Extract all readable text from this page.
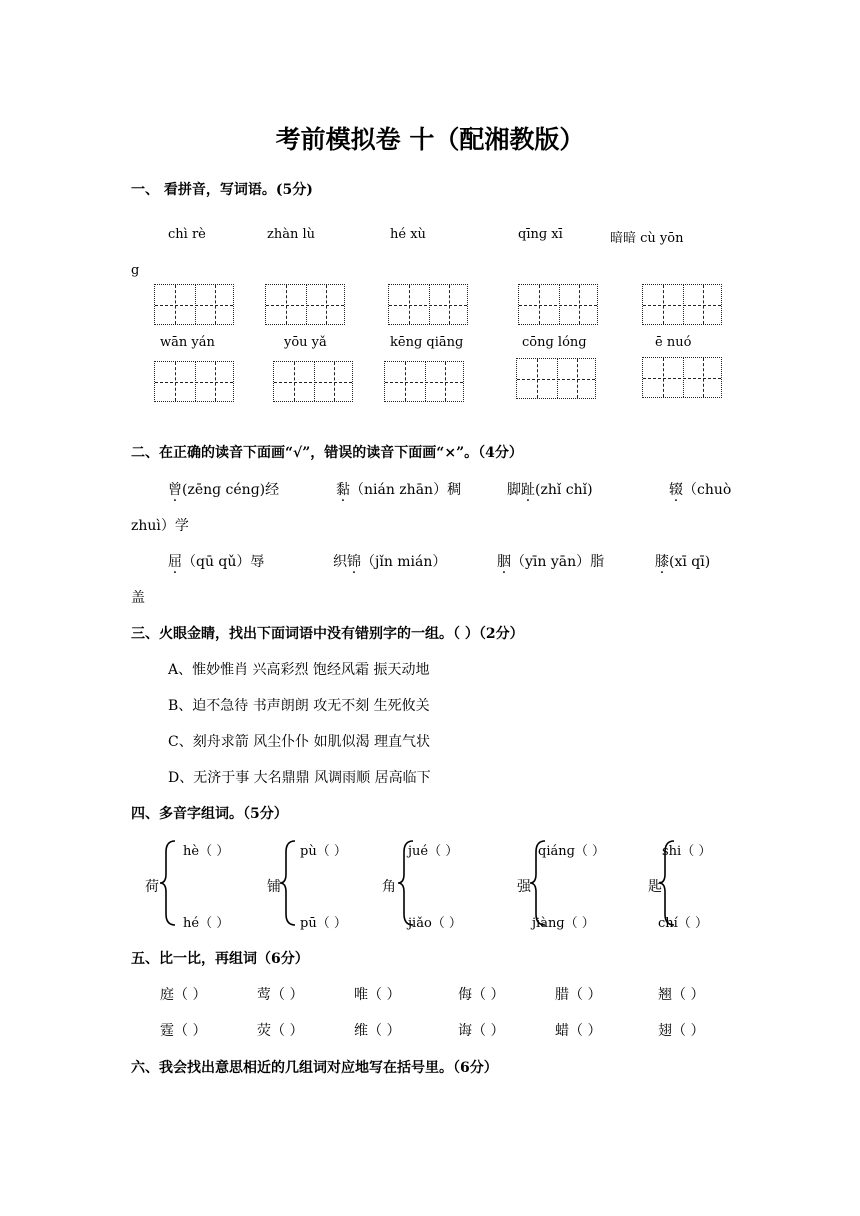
考前模拟卷 十（配湘教版）
一、 看拼音，写词语。(5分)
chì rè	zhàn lù	hé xù	qīnɡ xī	暗暗 cù yōn
g
wān yán	yōu yǎ	kēnɡ qiānɡ	cōnɡ lónɡ	ē nuó
二、在正确的读音下面画“√”，错误的读音下面画“×”。（4分）
曾(zēnɡ cénɡ)经	黏（nián zhān）稠	脚趾(zhǐ chǐ)	辍（chuò
zhuì）学
屈（qū qǔ）辱	织锦（jǐn mián）	胭（yīn yān）脂	膝(xī qī)
盖
三、火眼金睛，找出下面词语中没有错别字的一组。（ ）（2分）
A、惟妙惟肖 兴高彩烈 饱经风霜 振天动地
B、迫不急待 书声朗朗 攻无不刻 生死攸关
C、刻舟求箭 风尘仆仆 如肌似渴 理直气状
D、无济于事 大名鼎鼎 风调雨顺 居高临下
四、多音字组词。（5分）
荷
hè（ ）
hé（ ）
铺
pù（ ）
pū（ ）
角
jué（ ）
jiǎo（ ）
强
qiánɡ（ ）
jiànɡ（ ）
匙
shi（ ）
chí（ ）
五、比一比，再组词（6分）
庭（ ）	莺（ ）	唯（ ）	侮（ ）	腊（ ）	翘（ ）
霆（ ）	荧（ ）	维（ ）	诲（ ）	蜡（ ）	翅（ ）
六、我会找出意思相近的几组词对应地写在括号里。（6分）
